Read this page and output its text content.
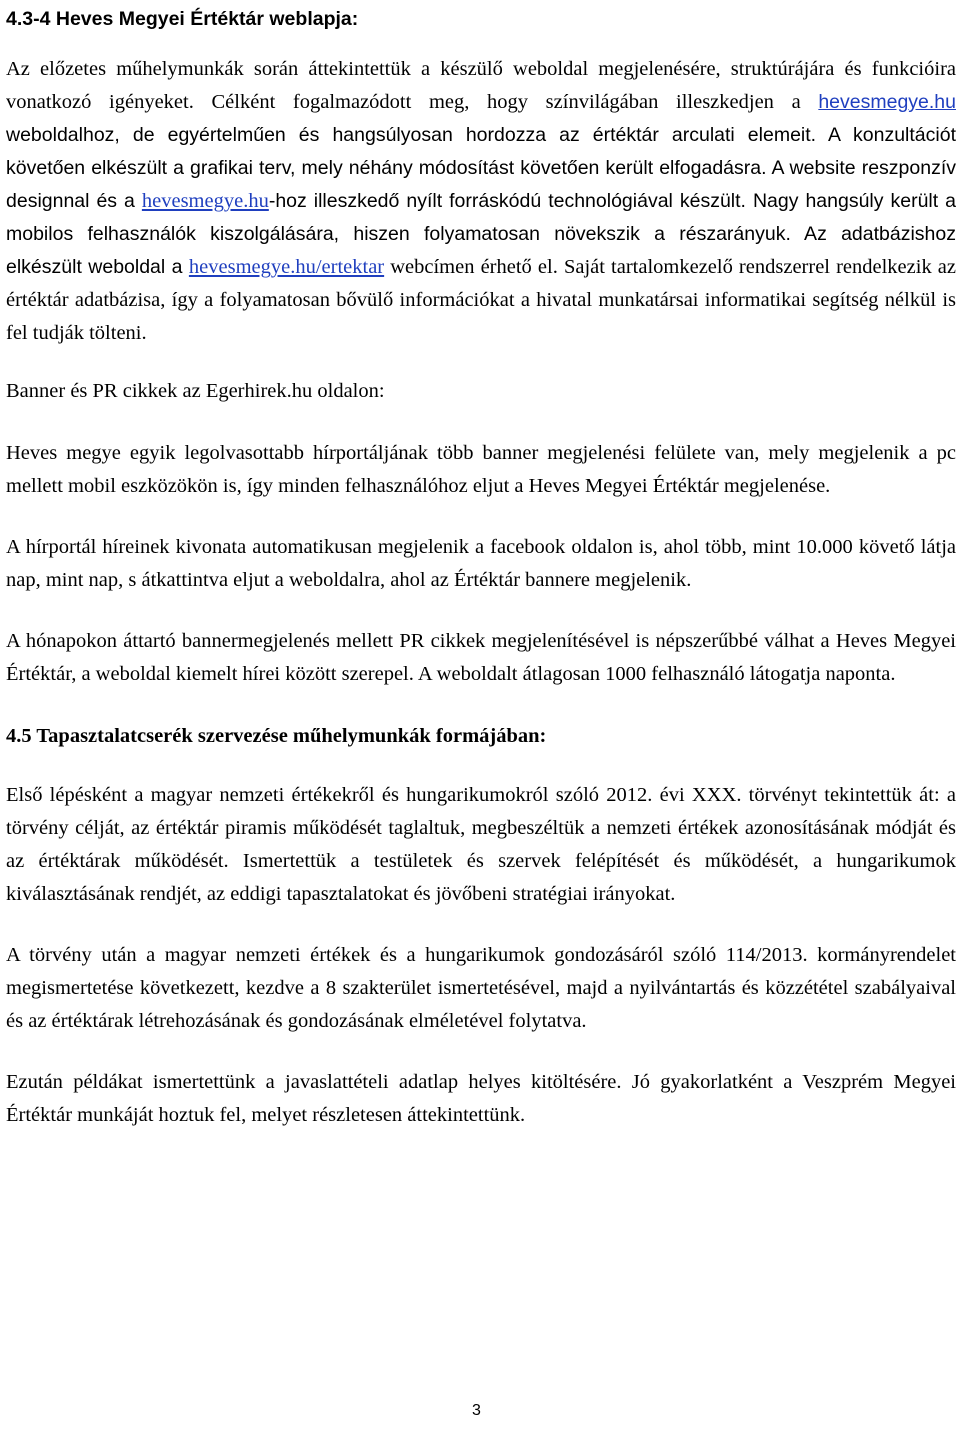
4.3-4 Heves Megyei Értéktár weblapja:

Az előzetes műhelymunkák során áttekintettük a készülő weboldal megjelenésére, struktúrájára és funkcióira vonatkozó igényeket. Célként fogalmazódott meg, hogy színvilágában illeszkedjen a hevesmegye.hu weboldalhoz, de egyértelműen és hangsúlyosan hordozza az értéktár arculati elemeit. A konzultációt követően elkészült a grafikai terv, mely néhány módosítást követően került elfogadásra. A website reszponzív designnal és a hevesmegye.hu-hoz illeszkedő nyílt forráskódú technológiával készült. Nagy hangsúly került a mobilos felhasználók kiszolgálására, hiszen folyamatosan növekszik a részarányuk. Az adatbázishoz elkészült weboldal a hevesmegye.hu/ertektar webcímen érhető el. Saját tartalomkezelő rendszerrel rendelkezik az értéktár adatbázisa, így a folyamatosan bővülő információkat a hivatal munkatársai informatikai segítség nélkül is fel tudják tölteni.

Banner és PR cikkek az Egerhirek.hu oldalon:

Heves megye egyik legolvasottabb hírportáljának több banner megjelenési felülete van, mely megjelenik a pc mellett mobil eszközökön is, így minden felhasználóhoz eljut a Heves Megyei Értéktár megjelenése.

A hírportál híreinek kivonata automatikusan megjelenik a facebook oldalon is, ahol több, mint 10.000 követő látja nap, mint nap, s átkattintva eljut a weboldalra, ahol az Értéktár bannere megjelenik.

A hónapokon áttartó bannermegjelenés mellett PR cikkek megjelenítésével is népszerűbbé válhat a Heves Megyei Értéktár, a weboldal kiemelt hírei között szerepel. A weboldalt átlagosan 1000 felhasználó látogatja naponta.

4.5 Tapasztalatcserék szervezése műhelymunkák formájában:

Első lépésként a magyar nemzeti értékekről és hungarikumokról szóló 2012. évi XXX. törvényt tekintettük át: a törvény célját, az értéktár piramis működését taglaltuk, megbeszéltük a nemzeti értékek azonosításának módját és az értéktárak működését. Ismertettük a testületek és szervek felépítését és működését, a hungarikumok kiválasztásának rendjét, az eddigi tapasztalatokat és jövőbeni stratégiai irányokat.

A törvény után a magyar nemzeti értékek és a hungarikumok gondozásáról szóló 114/2013. kormányrendelet megismertetése következett, kezdve a 8 szakterület ismertetésével, majd a nyilvántartás és közzététel szabályaival és az értéktárak létrehozásának és gondozásának elméletével folytatva.

Ezután példákat ismertettünk a javaslattételi adatlap helyes kitöltésére. Jó gyakorlatként a Veszprém Megyei Értéktár munkáját hoztuk fel, melyet részletesen áttekintettünk.

3
